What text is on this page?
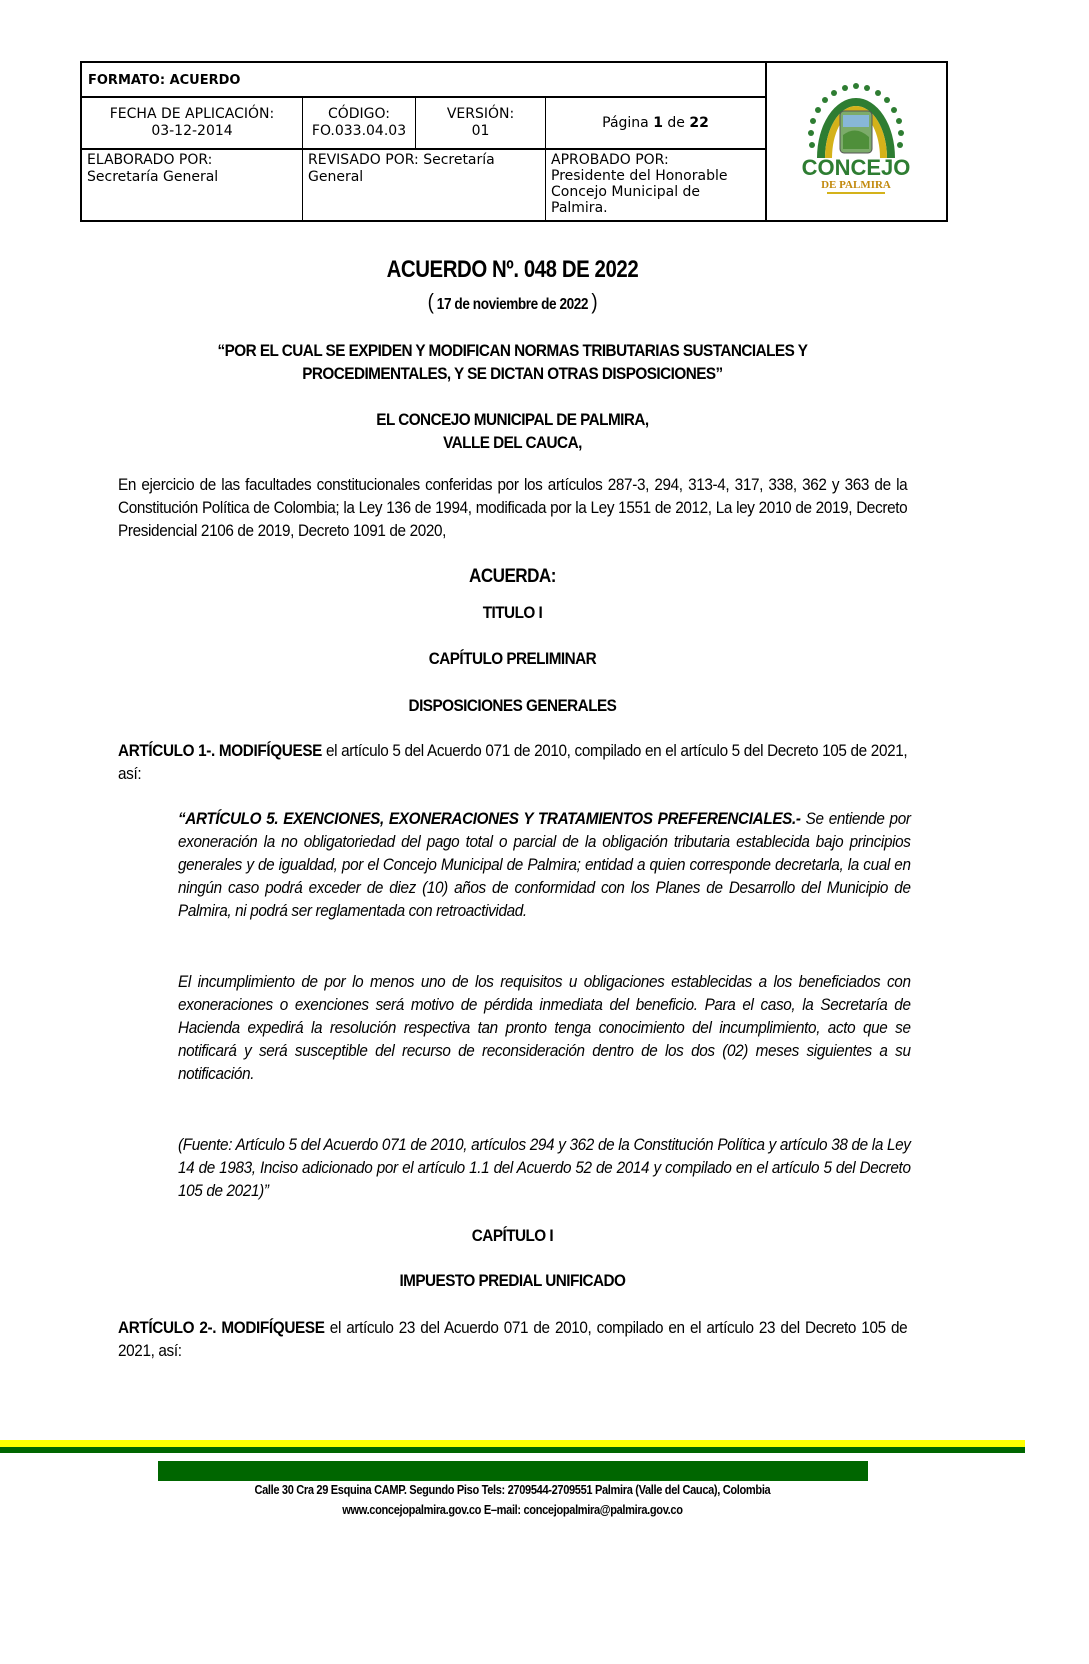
FORMATO: ACUERDO
FECHA DE APLICACIÓN:
03-12-2014
CÓDIGO:
FO.033.04.03
VERSIÓN:
01	Página 1 de 22
ELABORADO POR:
Secretaría General
REVISADO POR: Secretaría General
APROBADO POR:
Presidente del Honorable Concejo Municipal de Palmira.
CONCEJO
DE PALMIRA
ACUERDO Nº. 048 DE 2022
( 17 de noviembre de 2022 )
“POR EL CUAL SE EXPIDEN Y MODIFICAN NORMAS TRIBUTARIAS SUSTANCIALES Y
PROCEDIMENTALES, Y SE DICTAN OTRAS DISPOSICIONES”
EL CONCEJO MUNICIPAL DE PALMIRA,
VALLE DEL CAUCA,
En ejercicio de las facultades constitucionales conferidas por los artículos 287-3, 294, 313-4, 317, 338, 362 y 363 de la Constitución Política de Colombia; la Ley 136 de 1994, modificada por la Ley 1551 de 2012, La ley 2010 de 2019, Decreto Presidencial 2106 de 2019, Decreto 1091 de 2020,
ACUERDA:
TITULO I
CAPÍTULO PRELIMINAR
DISPOSICIONES GENERALES
ARTÍCULO 1-. MODIFÍQUESE el artículo 5 del Acuerdo 071 de 2010, compilado en el artículo 5 del Decreto 105 de 2021, así:
“ARTÍCULO 5. EXENCIONES, EXONERACIONES Y TRATAMIENTOS PREFERENCIALES.- Se entiende por exoneración la no obligatoriedad del pago total o parcial de la obligación tributaria establecida bajo principios generales y de igualdad, por el Concejo Municipal de Palmira; entidad a quien corresponde decretarla, la cual en ningún caso podrá exceder de diez (10) años de conformidad con los Planes de Desarrollo del Municipio de Palmira, ni podrá ser reglamentada con retroactividad.
El incumplimiento de por lo menos uno de los requisitos u obligaciones establecidas a los beneficiados con exoneraciones o exenciones será motivo de pérdida inmediata del beneficio. Para el caso, la Secretaría de Hacienda expedirá la resolución respectiva tan pronto tenga conocimiento del incumplimiento, acto que se notificará y será susceptible del recurso de reconsideración dentro de los dos (02) meses siguientes a su notificación.
(Fuente: Artículo 5 del Acuerdo 071 de 2010, artículos 294 y 362 de la Constitución Política y artículo 38 de la Ley 14 de 1983, Inciso adicionado por el artículo 1.1 del Acuerdo 52 de 2014 y compilado en el artículo 5 del Decreto 105 de 2021)”
CAPÍTULO I
IMPUESTO PREDIAL UNIFICADO
ARTÍCULO 2-. MODIFÍQUESE el artículo 23 del Acuerdo 071 de 2010, compilado en el artículo 23 del Decreto 105 de 2021, así:
Calle 30 Cra 29 Esquina CAMP. Segundo Piso Tels: 2709544-2709551 Palmira (Valle del Cauca), Colombia
www.concejopalmira.gov.co E–mail: concejopalmira@palmira.gov.co
